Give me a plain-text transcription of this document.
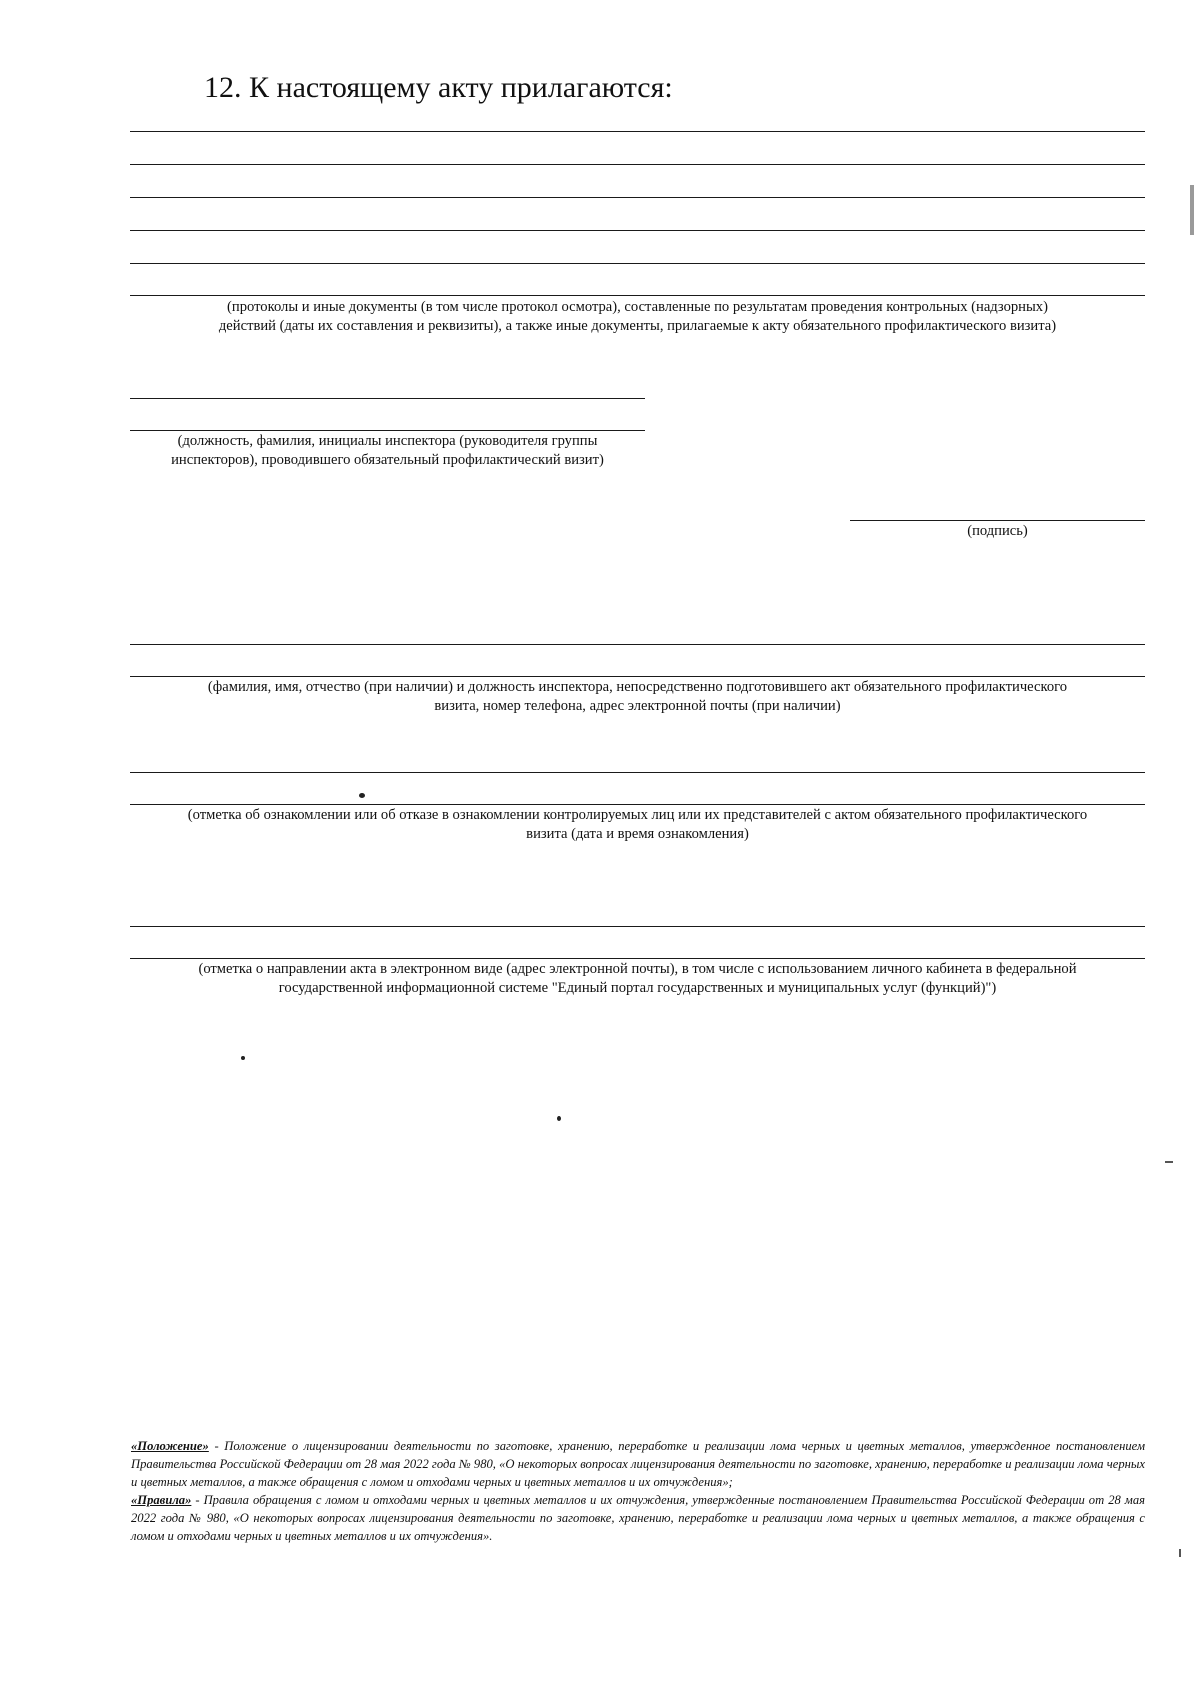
12. К настоящему акту прилагаются:
(протоколы и иные документы (в том числе протокол осмотра), составленные по результатам проведения контрольных (надзорных)
действий (даты их составления и реквизиты), а также иные документы, прилагаемые к акту обязательного профилактического визита)
(должность, фамилия, инициалы инспектора (руководителя группы
инспекторов), проводившего обязательный профилактический визит)
(подпись)
(фамилия, имя, отчество (при наличии) и должность инспектора, непосредственно подготовившего акт обязательного профилактического
визита, номер телефона, адрес электронной почты (при наличии)
(отметка об ознакомлении или об отказе в ознакомлении контролируемых лиц или их представителей с актом обязательного профилактического
визита (дата и время ознакомления)
(отметка о направлении акта в электронном виде (адрес электронной почты), в том числе с использованием личного кабинета в федеральной
государственной информационной системе "Единый портал государственных и муниципальных услуг (функций)")

«Положение» - Положение о лицензировании деятельности по заготовке, хранению, переработке и реализации лома черных и цветных металлов, утвержденное постановлением Правительства Российской Федерации от 28 мая 2022 года № 980, «О некоторых вопросах лицензирования деятельности по заготовке, хранению, переработке и реализации лома черных и цветных металлов, а также обращения с ломом и отходами черных и цветных металлов и их отчуждения»;

«Правила» - Правила обращения с ломом и отходами черных и цветных металлов и их отчуждения, утвержденные постановлением Правительства Российской Федерации от 28 мая 2022 года № 980, «О некоторых вопросах лицензирования деятельности по заготовке, хранению, переработке и реализации лома черных и цветных металлов, а также обращения с ломом и отходами черных и цветных металлов и их отчуждения».
